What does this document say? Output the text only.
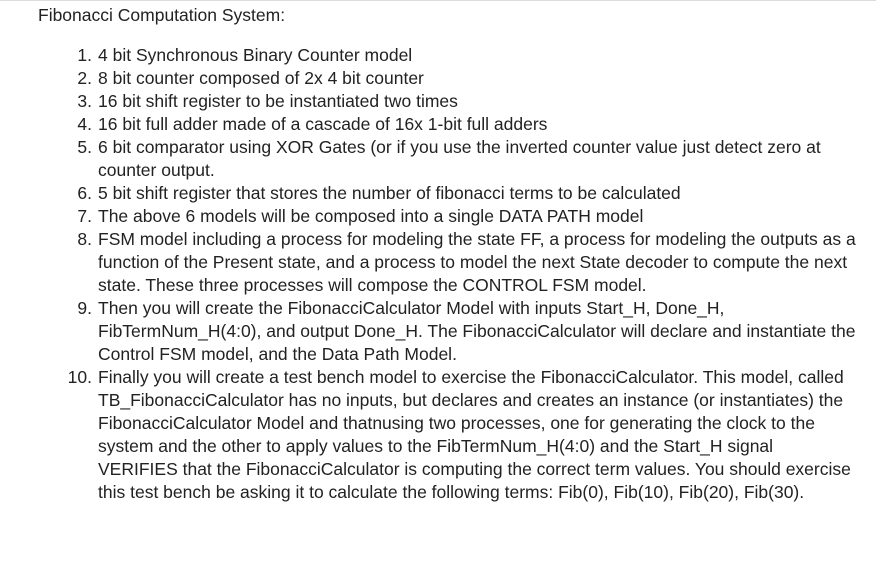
Fibonacci Computation System:
1. 4 bit Synchronous Binary Counter model
2. 8 bit counter composed of 2x 4 bit counter
3. 16 bit shift register to be instantiated two times
4. 16 bit full adder made of a cascade of 16x 1-bit full adders
5. 6 bit comparator using XOR Gates (or if you use the inverted counter value just detect zero at counter output.
6. 5 bit shift register that stores the number of fibonacci terms to be calculated
7. The above 6 models will be composed into a single DATA PATH model
8. FSM model including a process for modeling the state FF, a process for modeling the outputs as a function of the Present state, and a process to model the next State decoder to compute the next state. These three processes will compose the CONTROL FSM model.
9. Then you will create the FibonacciCalculator Model with inputs Start_H, Done_H, FibTermNum_H(4:0), and output Done_H. The FibonacciCalculator will declare and instantiate the Control FSM model, and the Data Path Model.
10. Finally you will create a test bench model to exercise the FibonacciCalculator. This model, called TB_FibonacciCalculator has no inputs, but declares and creates an instance (or instantiates) the FibonacciCalculator Model and thatnusing two processes, one for generating the clock to the system and the other to apply values to the FibTermNum_H(4:0) and the Start_H signal VERIFIES that the FibonacciCalculator is computing the correct term values. You should exercise this test bench be asking it to calculate the following terms: Fib(0), Fib(10), Fib(20), Fib(30).
